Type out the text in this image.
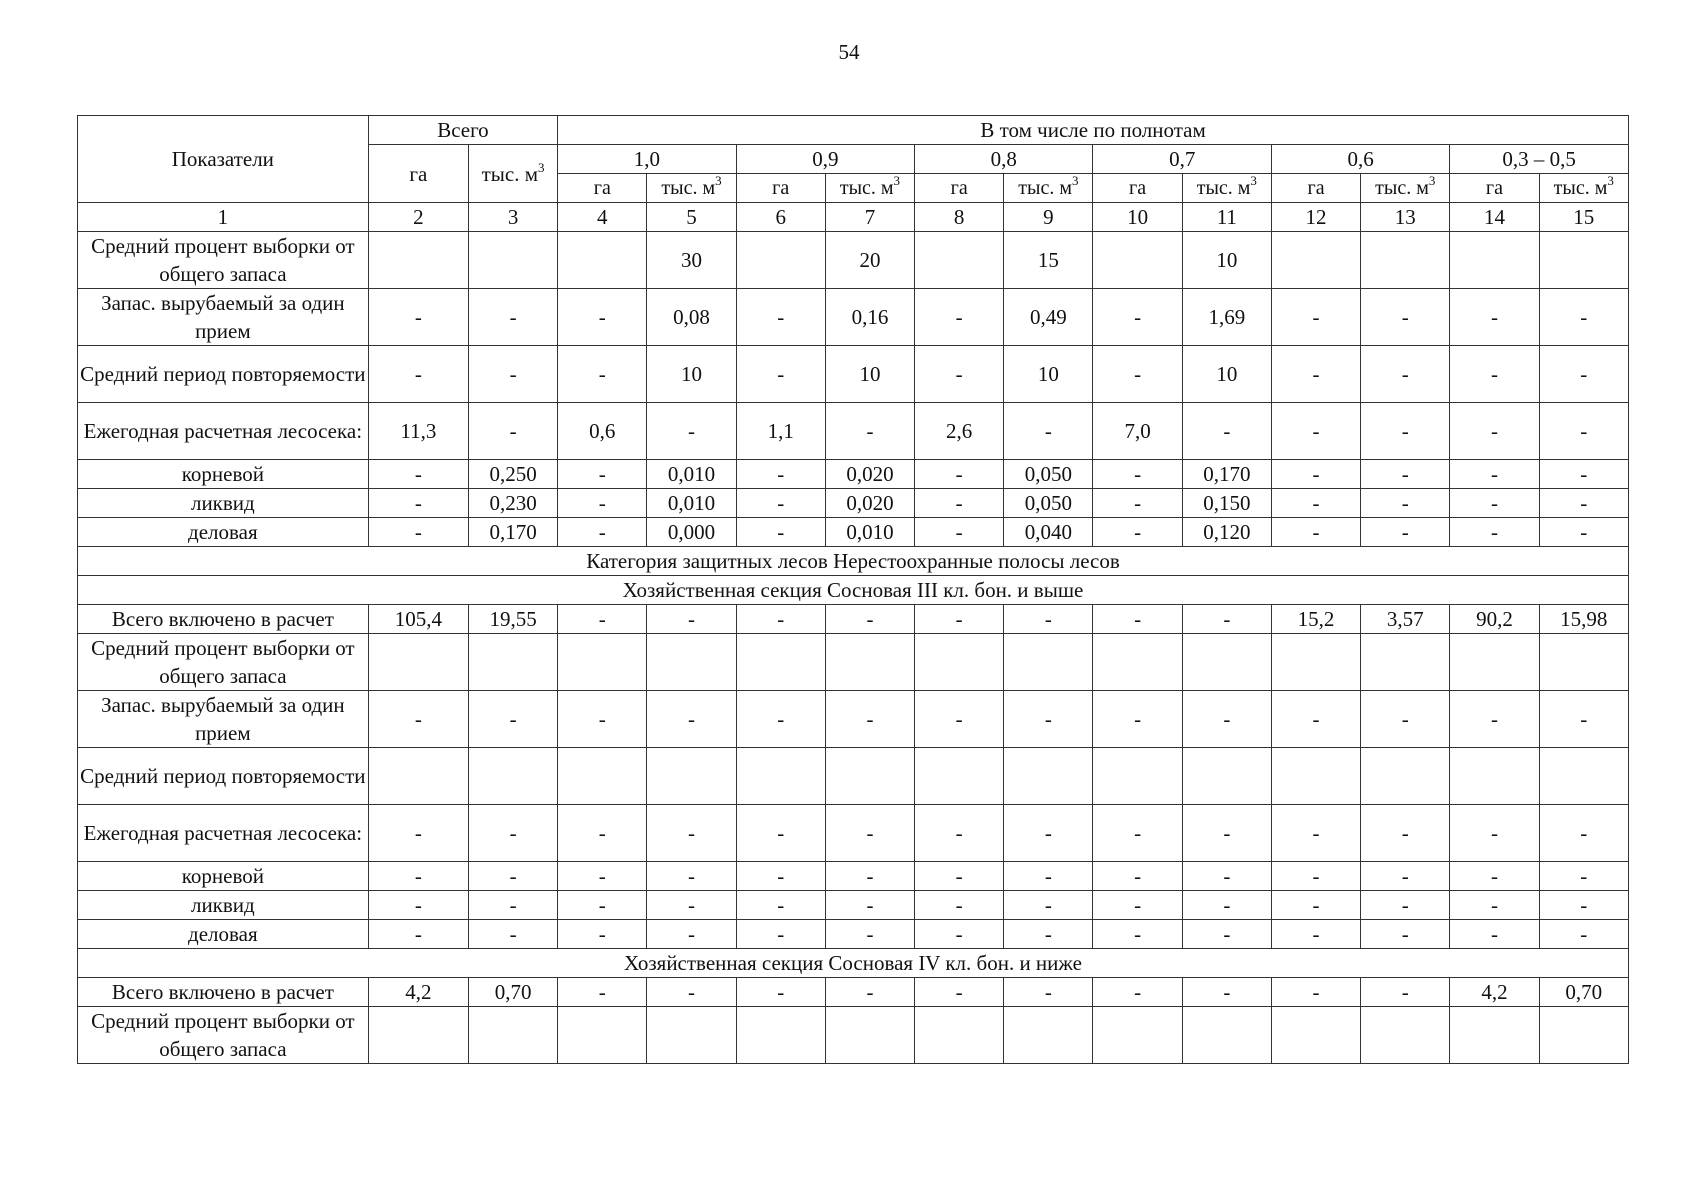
54
Показатели	Всего		В том числе по полнотам											
	га	тыс. $м^3$	1,0		0,9		0,8		0,7		0,6		0,3 – 0,5	
			га	тыс. $м^3$	га	тыс. $м^3$	га	тыс. $м^3$	га	тыс. $м^3$	га	тыс. $м^3$	га	тыс. $м^3$
1	2	3	4	5	6	7	8	9	10	11	12	13	14	15
Средний процент выборки от общего запаса				30		20		15		10				
Запас. вырубаемый за один прием	-	-	-	0,08	-	0,16	-	0,49	-	1,69	-	-	-	-
Средний период повторяемости	-	-	-	10	-	10	-	10	-	10	-	-	-	-
Ежегодная расчетная лесосека:	11,3	-	0,6	-	1,1	-	2,6	-	7,0	-	-	-	-	-
корневой	-	0,250	-	0,010	-	0,020	-	0,050	-	0,170	-	-	-	-
ликвид	-	0,230	-	0,010	-	0,020	-	0,050	-	0,150	-	-	-	-
деловая	-	0,170	-	0,000	-	0,010	-	0,040	-	0,120	-	-	-	-
Категория защитных лесов Нерестоохранные полосы лесов														
Хозяйственная секция Сосновая III кл. бон. и выше														
Всего включено в расчет	105,4	19,55	-	-	-	-	-	-	-	-	15,2	3,57	90,2	15,98
Средний процент выборки от общего запаса														
Запас. вырубаемый за один прием	-	-	-	-	-	-	-	-	-	-	-	-	-	-
Средний период повторяемости														
Ежегодная расчетная лесосека:	-	-	-	-	-	-	-	-	-	-	-	-	-	-
корневой	-	-	-	-	-	-	-	-	-	-	-	-	-	-
ликвид	-	-	-	-	-	-	-	-	-	-	-	-	-	-
деловая	-	-	-	-	-	-	-	-	-	-	-	-	-	-
Хозяйственная секция Сосновая IV кл. бон. и ниже														
Всего включено в расчет	4,2	0,70	-	-	-	-	-	-	-	-	-	-	4,2	0,70
Средний процент выборки от общего запаса														
